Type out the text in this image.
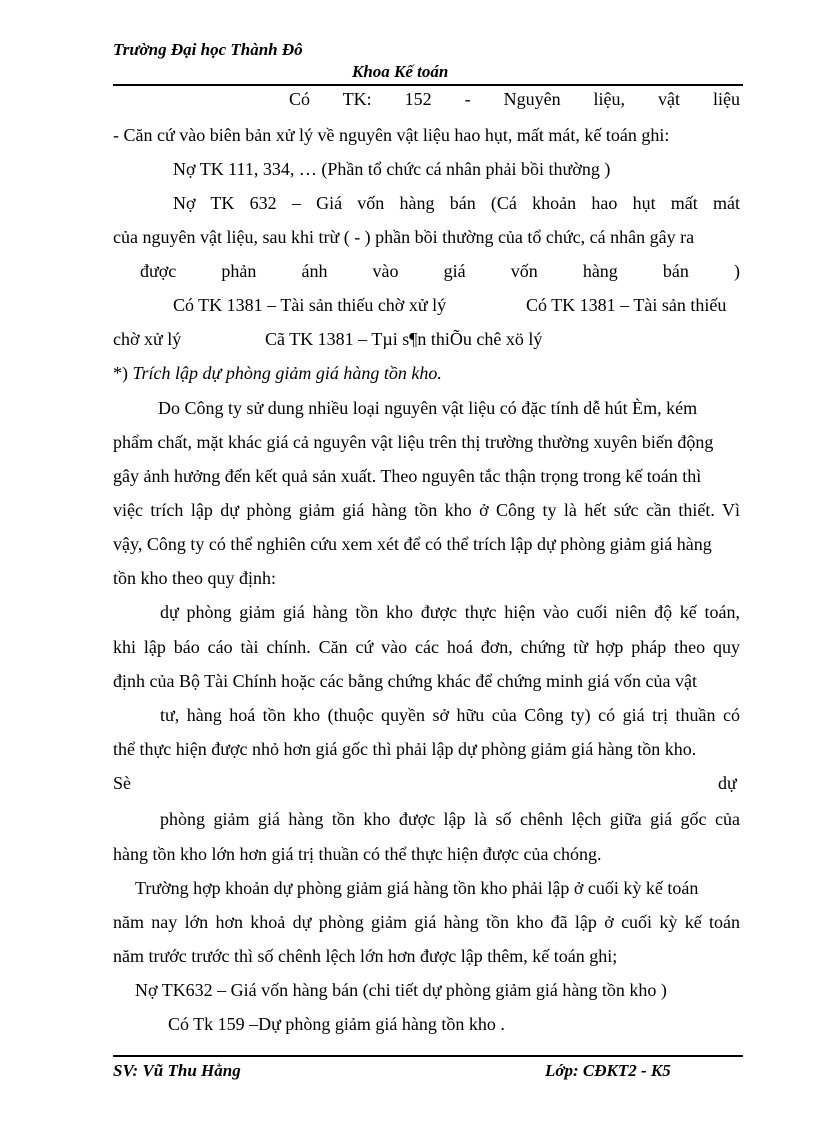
Trường Đại học Thành Đô
Khoa Kế toán
Có TK: 152 - Nguyên liệu, vật liệu
- Căn cứ vào biên bản xử lý về nguyên vật liệu hao hụt, mất mát, kế toán ghi:
Nợ TK 111, 334, … (Phần tổ chức cá nhân phải bồi thường )
Nợ TK 632 – Giá vốn hàng bán (Cá khoản hao hụt mất mát
của nguyên vật liệu, sau khi trừ ( - ) phần bồi thường của tổ chức, cá nhân gây ra
được phản ánh vào giá vốn hàng bán )
Có TK 1381 – Tài sản thiếu chờ xử lý	Có TK 1381 – Tài sản thiếu
chờ xử lý	Cã TK 1381 – Tµi s¶n thiÕu chê xö lý
*) Trích lập dự phòng giảm giá hàng tồn kho.
Do Công ty sử dung nhiều loại nguyên vật liệu có đặc tính dễ hút Èm, kém
phẩm chất, mặt khác giá cả nguyên vật liệu trên thị trường thường xuyên biến động
gây ảnh hưởng đến kết quả sản xuất. Theo nguyên tắc thận trọng trong kế toán thì
việc trích lập dự phòng giảm giá hàng tồn kho ở Công ty là hết sức cần thiết. Vì
vậy, Công ty có thể nghiên cứu xem xét để có thể trích lập dự phòng giảm giá hàng
tồn kho theo quy định:
dự phòng giảm giá hàng tồn kho được thực hiện vào cuối niên độ kế toán,
khi lập báo cáo tài chính. Căn cứ vào các hoá đơn, chứng từ hợp pháp theo quy
định của Bộ Tài Chính hoặc các bằng chứng khác để chứng minh giá vốn của vật
tư, hàng hoá tồn kho (thuộc quyền sở hữu của Công ty) có giá trị thuần có
thể thực hiện được nhỏ hơn giá gốc thì phải lập dự phòng giảm giá hàng tồn kho.
Sè	dự
phòng giảm giá hàng tồn kho được lập là số chênh lệch giữa giá gốc của
hàng tồn kho lớn hơn giá trị thuần có thể thực hiện được của chóng.
Trường hợp khoản dự phòng giảm giá hàng tồn kho phải lập ở cuối kỳ kế toán
năm nay lớn hơn khoả dự phòng giảm giá hàng tồn kho đã lập ở cuối kỳ kế toán
năm trước trước thì số chênh lệch lớn hơn được lập thêm, kế toán ghi;
Nợ TK632 – Giá vốn hàng bán (chi tiết dự phòng giảm giá hàng tồn kho )
Có Tk 159 –Dự phòng giảm giá hàng tồn kho .
SV: Vũ Thu Hằng	Lớp: CĐKT2 - K5
